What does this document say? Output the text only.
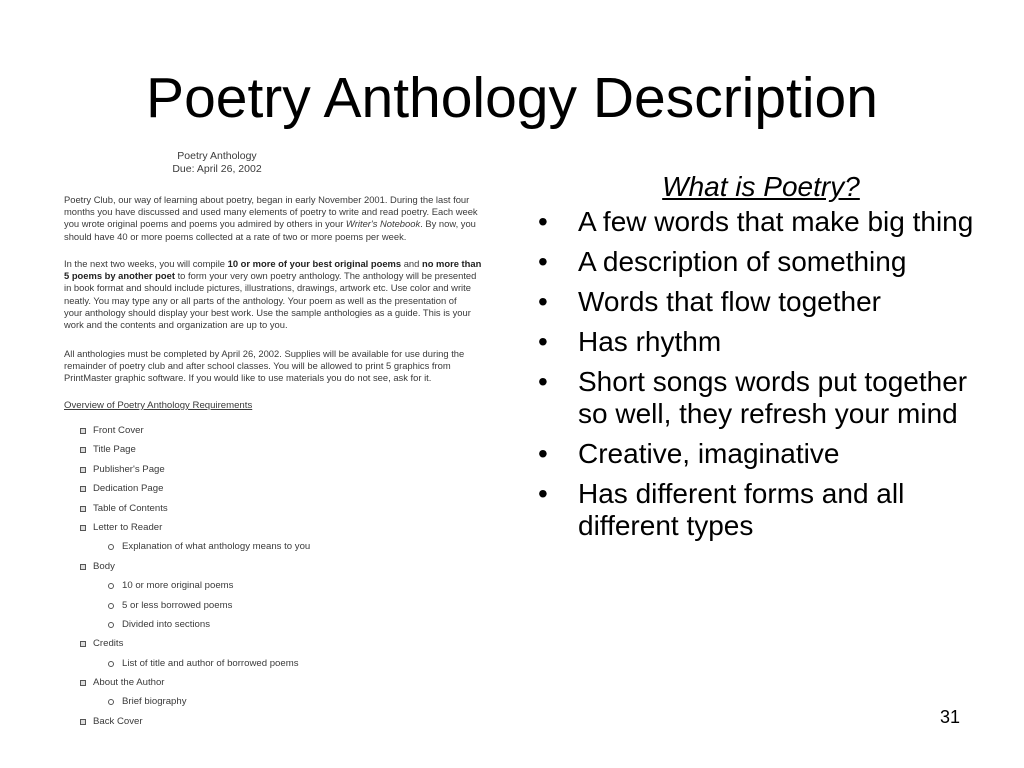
Poetry Anthology Description
Poetry Anthology
Due: April 26, 2002

Poetry Club, our way of learning about poetry, began in early November 2001. During the last four

months you have discussed and used many elements of poetry to write and read poetry. Each week

you wrote original poems and poems you admired by others in your Writer's Notebook. By now, you

should have 40 or more poems collected at a rate of two or more poems per week.

In the next two weeks, you will compile 10 or more of your best original poems and no more than

5 poems by another poet to form your very own poetry anthology. The anthology will be presented

in book format and should include pictures, illustrations, drawings, artwork etc. Use color and write

neatly. You may type any or all parts of the anthology. Your poem as well as the presentation of

your anthology should display your best work. Use the sample anthologies as a guide. This is your

work and the contents and organization are up to you.

All anthologies must be completed by April 26, 2002. Supplies will be available for use during the

remainder of poetry club and after school classes. You will be allowed to print 5 graphics from

PrintMaster graphic software. If you would like to use materials you do not see, ask for it.

Overview of Poetry Anthology Requirements
Front Cover
Title Page
Publisher's Page
Dedication Page
Table of Contents
Letter to Reader
Explanation of what anthology means to you
Body
10 or more original poems
5 or less borrowed poems
Divided into sections
Credits
List of title and author of borrowed poems
About the Author
Brief biography
Back Cover
What is Poetry?
• A few words that make big thing
• A description of something
• Words that flow together
• Has rhythm
• Short songs words put together so well, they refresh your mind
• Creative, imaginative
• Has different forms and all different types
31
